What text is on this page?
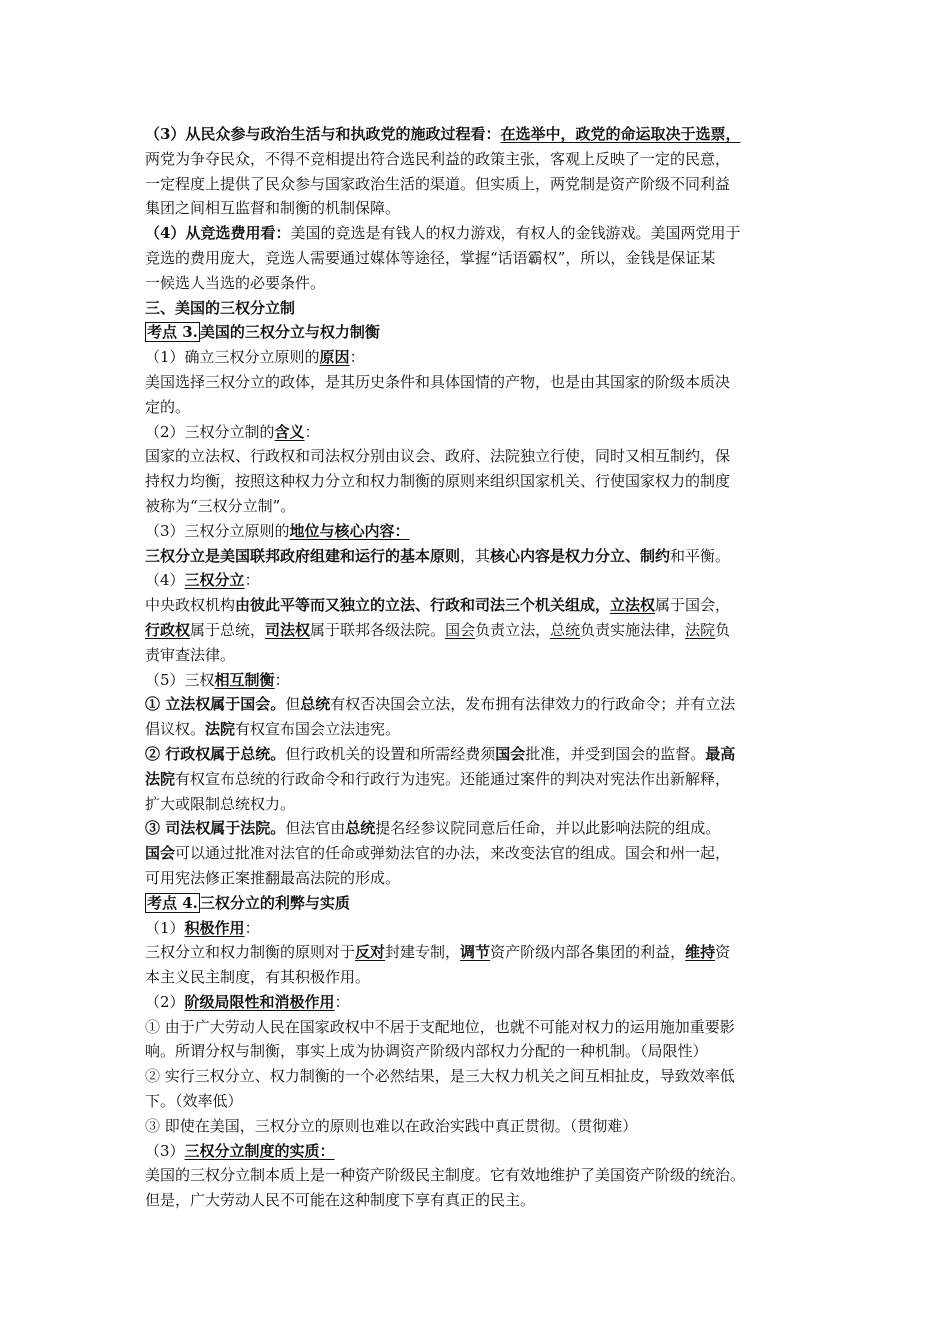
（3）从民众参与政治生活与和执政党的施政过程看：在选举中，政党的命运取决于选票，
两党为争夺民众，不得不竞相提出符合选民利益的政策主张，客观上反映了一定的民意，
一定程度上提供了民众参与国家政治生活的渠道。但实质上，两党制是资产阶级不同利益
集团之间相互监督和制衡的机制保障。
（4）从竞选费用看：美国的竞选是有钱人的权力游戏，有权人的金钱游戏。美国两党用于
竞选的费用庞大，竞选人需要通过媒体等途径，掌握“话语霸权”，所以，金钱是保证某
一候选人当选的必要条件。
三、美国的三权分立制
考点 3. 美国的三权分立与权力制衡
（1）确立三权分立原则的原因：
美国选择三权分立的政体，是其历史条件和具体国情的产物，也是由其国家的阶级本质决
定的。
（2）三权分立制的含义：
国家的立法权、行政权和司法权分别由议会、政府、法院独立行使，同时又相互制约，保
持权力均衡，按照这种权力分立和权力制衡的原则来组织国家机关、行使国家权力的制度
被称为“三权分立制”。
（3）三权分立原则的地位与核心内容：
三权分立是美国联邦政府组建和运行的基本原则，其核心内容是权力分立、制约和平衡。
（4）三权分立：
中央政权机构由彼此平等而又独立的立法、行政和司法三个机关组成，立法权属于国会，
行政权属于总统，司法权属于联邦各级法院。国会负责立法，总统负责实施法律，法院负
责审查法律。
（5）三权相互制衡：
① 立法权属于国会。但总统有权否决国会立法，发布拥有法律效力的行政命令；并有立法
倡议权。法院有权宣布国会立法违宪。
② 行政权属于总统。但行政机关的设置和所需经费须国会批准，并受到国会的监督。最高
法院有权宣布总统的行政命令和行政行为违宪。还能通过案件的判决对宪法作出新解释，
扩大或限制总统权力。
③ 司法权属于法院。但法官由总统提名经参议院同意后任命，并以此影响法院的组成。
国会可以通过批准对法官的任命或弹劾法官的办法，来改变法官的组成。国会和州一起，
可用宪法修正案推翻最高法院的形成。
考点 4. 三权分立的利弊与实质
（1）积极作用：
三权分立和权力制衡的原则对于反对封建专制，调节资产阶级内部各集团的利益，维持资
本主义民主制度，有其积极作用。
（2）阶级局限性和消极作用：
① 由于广大劳动人民在国家政权中不居于支配地位，也就不可能对权力的运用施加重要影
响。所谓分权与制衡，事实上成为协调资产阶级内部权力分配的一种机制。（局限性）
② 实行三权分立、权力制衡的一个必然结果，是三大权力机关之间互相扯皮，导致效率低
下。（效率低）
③ 即使在美国，三权分立的原则也难以在政治实践中真正贯彻。（贯彻难）
（3）三权分立制度的实质：
美国的三权分立制本质上是一种资产阶级民主制度。它有效地维护了美国资产阶级的统治。
但是，广大劳动人民不可能在这种制度下享有真正的民主。
